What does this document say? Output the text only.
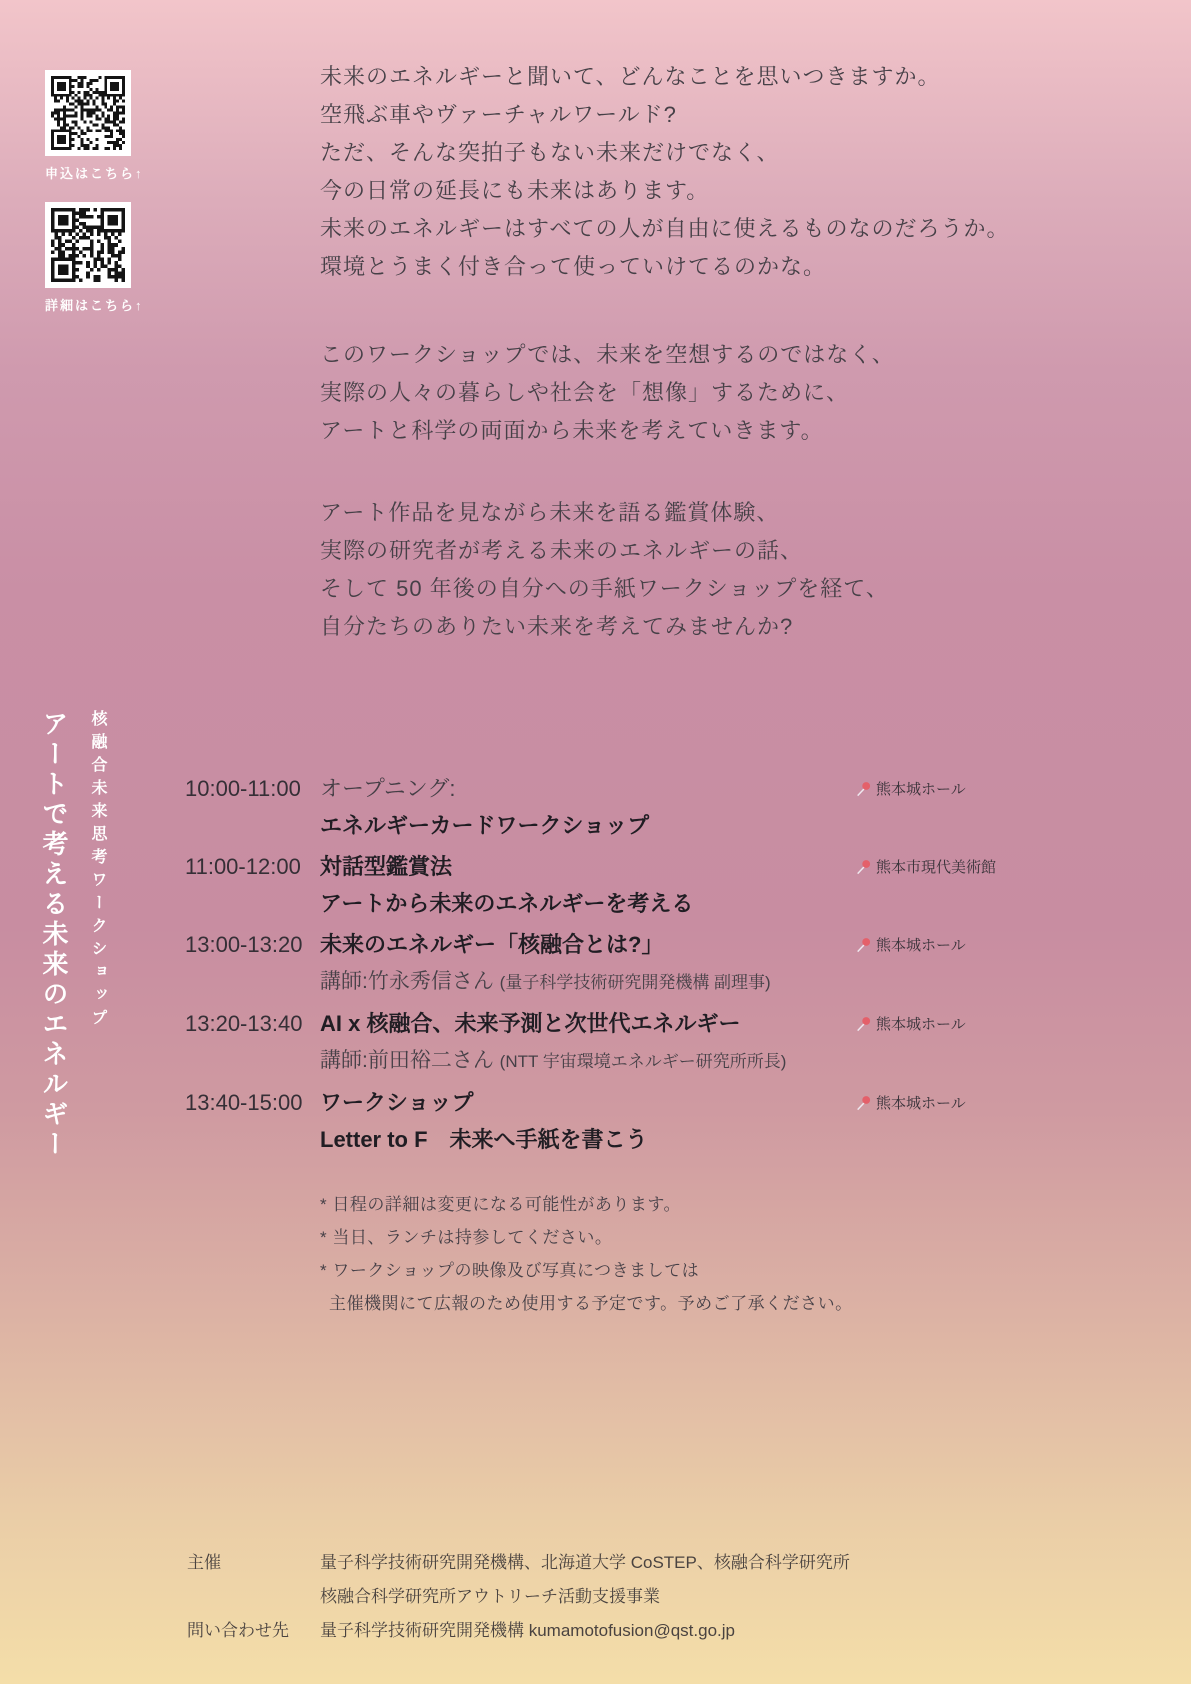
申込はこちら↑
詳細はこちら↑
未来のエネルギーと聞いて、どんなことを思いつきますか。
空飛ぶ車やヴァーチャルワールド?
ただ、そんな突拍子もない未来だけでなく、
今の日常の延長にも未来はあります。
未来のエネルギーはすべての人が自由に使えるものなのだろうか。
環境とうまく付き合って使っていけてるのかな。
このワークショップでは、未来を空想するのではなく、
実際の人々の暮らしや社会を「想像」するために、
アートと科学の両面から未来を考えていきます。
アート作品を見ながら未来を語る鑑賞体験、
実際の研究者が考える未来のエネルギーの話、
そして 50 年後の自分への手紙ワークショップを経て、
自分たちのありたい未来を考えてみませんか?
核融合未来思考ワークショップ
アートで考える未来のエネルギー	10:00-11:00 オープニング:
エネルギーカードワークショップ
熊本城ホール
11:00-12:00 対話型鑑賞法
アートから未来のエネルギーを考える
熊本市現代美術館
13:00-13:20 未来のエネルギー「核融合とは?」
講師:竹永秀信さん (量子科学技術研究開発機構 副理事)
熊本城ホール
13:20-13:40 AI x 核融合、未来予測と次世代エネルギー
講師:前田裕二さん (NTT 宇宙環境エネルギー研究所所長)
熊本城ホール
13:40-15:00 ワークショップ
Letter to F　未来へ手紙を書こう
熊本城ホール
* 日程の詳細は変更になる可能性があります。
* 当日、ランチは持参してください。
* ワークショップの映像及び写真につきましては
主催機関にて広報のため使用する予定です。予めご了承ください。
主催	量子科学技術研究開発機構、北海道大学 CoSTEP、核融合科学研究所
核融合科学研究所アウトリーチ活動支援事業
問い合わせ先	量子科学技術研究開発機構 kumamotofusion@qst.go.jp
